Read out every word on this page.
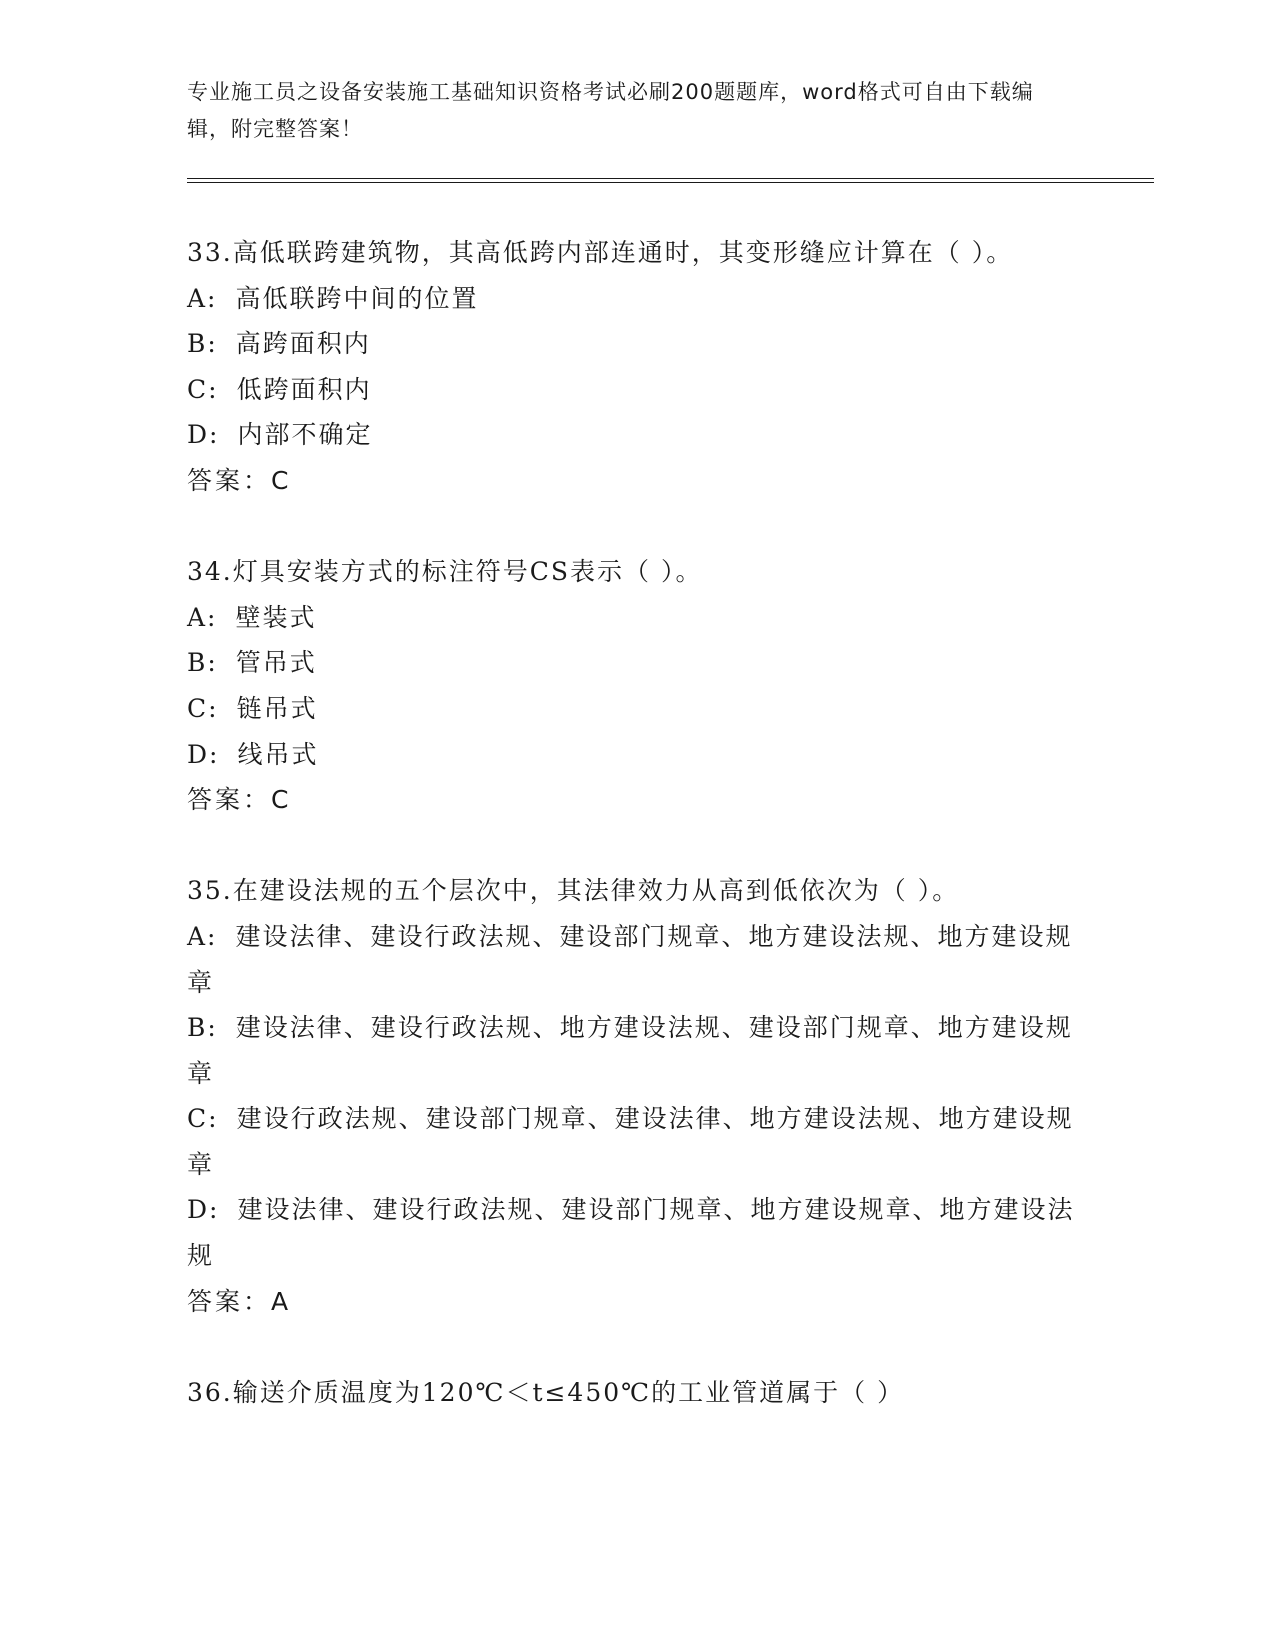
专业施工员之设备安装施工基础知识资格考试必刷200题题库，word格式可自由下载编辑，附完整答案！

33.高低联跨建筑物，其高低跨内部连通时，其变形缝应计算在（ ）。

A: 高低联跨中间的位置

B: 高跨面积内

C: 低跨面积内

D: 内部不确定

答案：C

34.灯具安装方式的标注符号CS表示（ ）。

A: 壁装式

B: 管吊式

C: 链吊式

D: 线吊式

答案：C

35.在建设法规的五个层次中，其法律效力从高到低依次为（ ）。

A: 建设法律、建设行政法规、建设部门规章、地方建设法规、地方建设规章

B: 建设法律、建设行政法规、地方建设法规、建设部门规章、地方建设规章

C: 建设行政法规、建设部门规章、建设法律、地方建设法规、地方建设规章

D: 建设法律、建设行政法规、建设部门规章、地方建设规章、地方建设法规

答案：A

36.输送介质温度为120℃＜t≤450℃的工业管道属于（ ）
